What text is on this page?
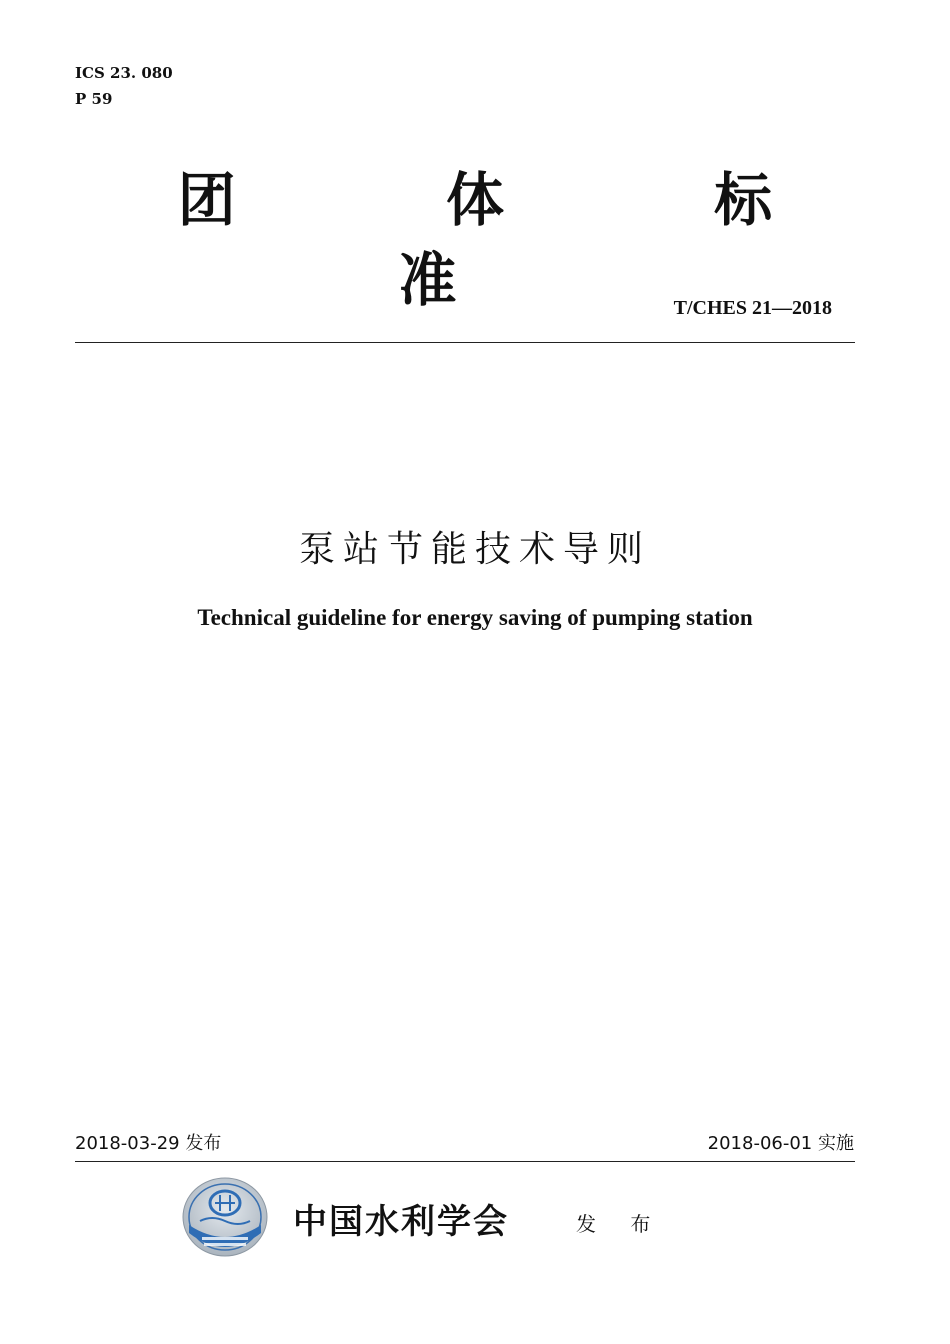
ICS 23. 080
P 59
团 体 标 准	T/CHES 21—2018
泵站节能技术导则
Technical guideline for energy saving of pumping station
2018-03-29 发布	2018-06-01 实施
中国水利学会	发 布
